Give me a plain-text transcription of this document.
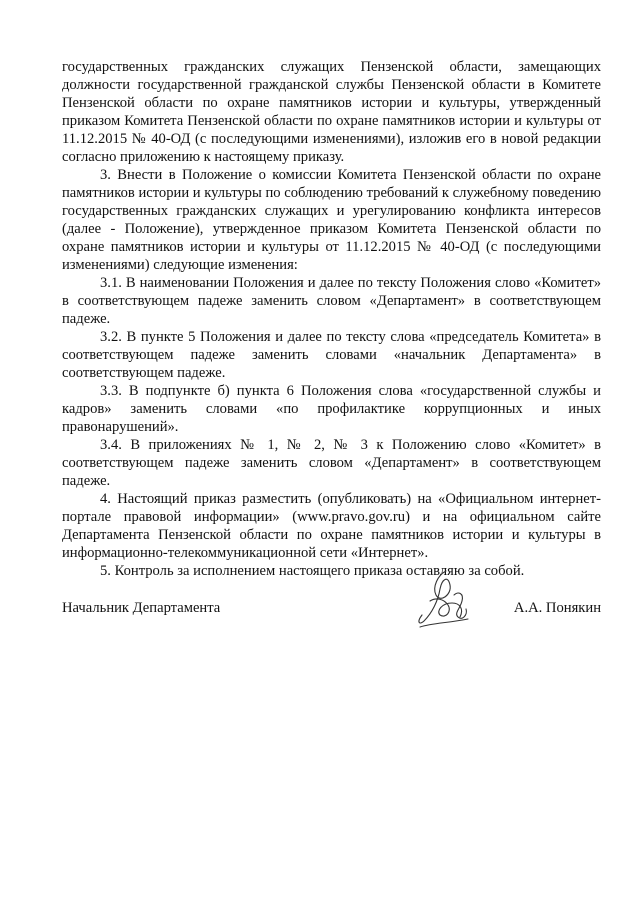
государственных гражданских служащих Пензенской области, замещающих должности государственной гражданской службы Пензенской области в Комитете Пензенской области по охране памятников истории и культуры, утвержденный приказом Комитета Пензенской области по охране памятников истории и культуры от 11.12.2015 № 40-ОД (с последующими изменениями), изложив его в новой редакции согласно приложению к настоящему приказу.

3. Внести в Положение о комиссии Комитета Пензенской области по охране памятников истории и культуры по соблюдению требований к служебному поведению государственных гражданских служащих и урегулированию конфликта интересов (далее - Положение), утвержденное приказом Комитета Пензенской области по охране памятников истории и культуры от 11.12.2015 № 40-ОД (с последующими изменениями) следующие изменения:

3.1. В наименовании Положения и далее по тексту Положения слово «Комитет» в соответствующем падеже заменить словом «Департамент» в соответствующем падеже.

3.2. В пункте 5 Положения и далее по тексту слова «председатель Комитета» в соответствующем падеже заменить словами «начальник Департамента» в соответствующем падеже.

3.3. В подпункте б) пункта 6 Положения слова «государственной службы и кадров» заменить словами «по профилактике коррупционных и иных правонарушений».

3.4. В приложениях № 1, № 2, № 3 к Положению слово «Комитет» в соответствующем падеже заменить словом «Департамент» в соответствующем падеже.

4. Настоящий приказ разместить (опубликовать) на «Официальном интернет-портале правовой информации» (www.pravo.gov.ru) и на официальном сайте Департамента Пензенской области по охране памятников истории и культуры в информационно-телекоммуникационной сети «Интернет».

5. Контроль за исполнением настоящего приказа оставляю за собой.

Начальник Департамента	А.А. Понякин
